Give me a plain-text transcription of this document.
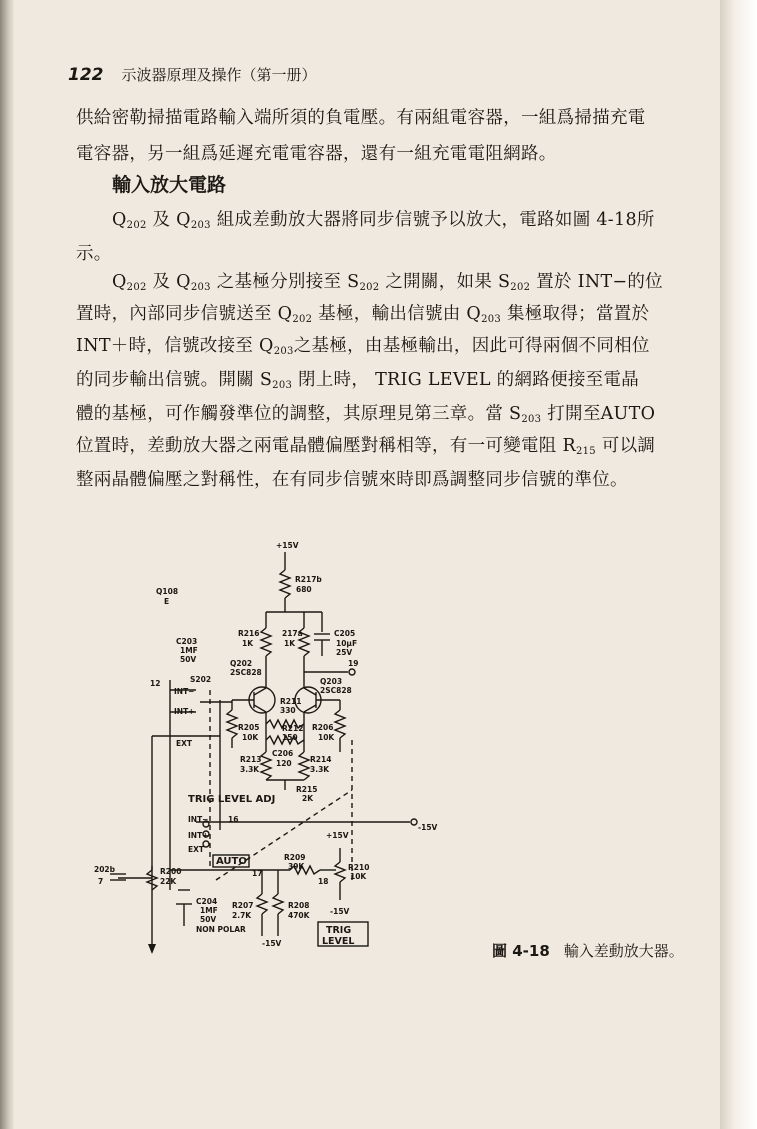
122 示波器原理及操作（第一册）
供給密勒掃描電路輸入端所須的負電壓。有兩組電容器，一組爲掃描充電
電容器，另一組爲延遲充電電容器，還有一組充電電阻網路。
輸入放大電路
$Q_{202}$ 及 $Q_{203}$ 組成差動放大器將同步信號予以放大，電路如圖 4-18所
示。
$Q_{202}$ 及 $Q_{203}$ 之基極分別接至 $S_{202}$ 之開關，如果 $S_{202}$ 置於 INT−的位
置時，內部同步信號送至 $Q_{202}$ 基極，輸出信號由 $Q_{203}$ 集極取得；當置於
INT＋時，信號改接至 $Q_{203}$之基極，由基極輸出，因此可得兩個不同相位
的同步輸出信號。開關 $S_{203}$ 閉上時， TRIG LEVEL 的網路便接至電晶
體的基極，可作觸發準位的調整，其原理見第三章。當 $S_{203}$ 打開至AUTO
位置時，差動放大器之兩電晶體偏壓對稱相等，有一可變電阻 $R_{215}$ 可以調
整兩晶體偏壓之對稱性，在有同步信號來時即爲調整同步信號的準位。
+15V
R217b
680
Q108
E
C203
1MF
50V
R216
1K
217a
1K
C205
10μF
25V
Q202
2SC828
Q203
2SC828
19
12	S202
INT−
INT+
R211
330
R212
150
R205
10K
R206
10K
EXT
R213
3.3K
C206
120 R214
3.3K
R215
2K
TRIG LEVEL ADJ
INT−	16
INT+
EXT
-15V
+15V
AUTO	R209
39K	R210
10K
17
18
202b
7
R200
22K
C204
1MF
50V
NON POLAR
R207
2.7K
R208
470K
-15V
-15V
TRIG
LEVEL
圖 4-18 輸入差動放大器。
